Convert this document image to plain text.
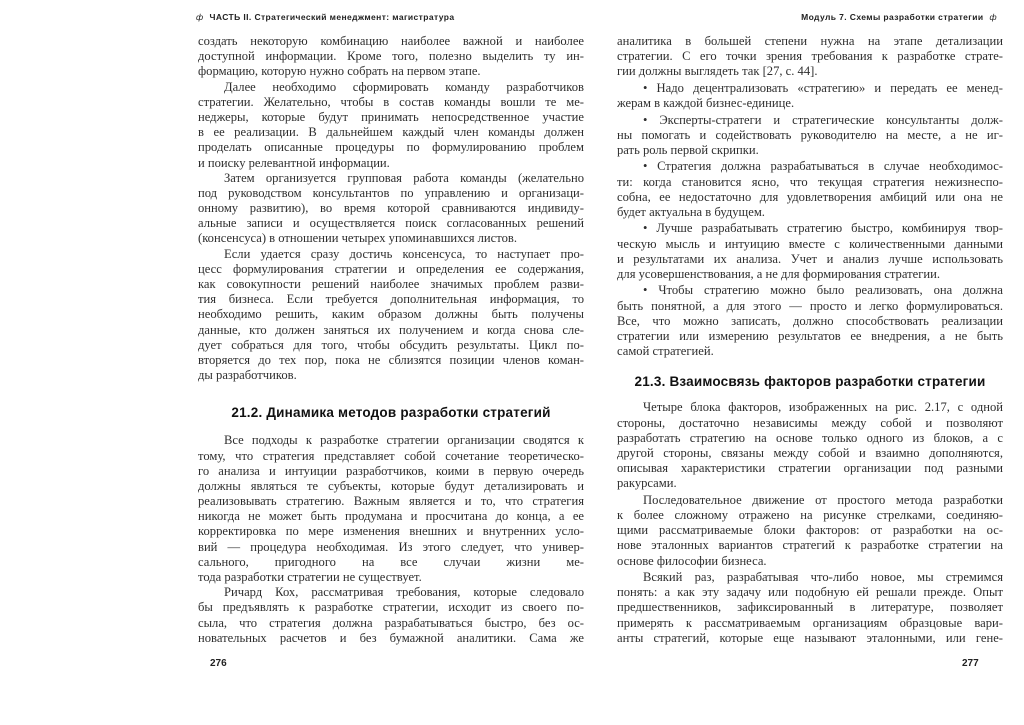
ф ЧАСТЬ II. Стратегический менеджмент: магистратура
создать некоторую комбинацию наиболее важной и наиболее
доступной информации. Кроме того, полезно выделить ту ин-
формацию, которую нужно собрать на первом этапе.
Далее необходимо сформировать команду разработчиков
стратегии. Желательно, чтобы в состав команды вошли те ме-
неджеры, которые будут принимать непосредственное участие
в ее реализации. В дальнейшем каждый член команды должен
проделать описанные процедуры по формулированию проблем
и поиску релевантной информации.
Затем организуется групповая работа команды (желательно
под руководством консультантов по управлению и организаци-
онному развитию), во время которой сравниваются индивиду-
альные записи и осуществляется поиск согласованных решений
(консенсуса) в отношении четырех упоминавшихся листов.
Если удается сразу достичь консенсуса, то наступает про-
цесс формулирования стратегии и определения ее содержания,
как совокупности решений наиболее значимых проблем разви-
тия бизнеса. Если требуется дополнительная информация, то
необходимо решить, каким образом должны быть получены
данные, кто должен заняться их получением и когда снова сле-
дует собраться для того, чтобы обсудить результаты. Цикл по-
вторяется до тех пор, пока не сблизятся позиции членов коман-
ды разработчиков.
21.2. Динамика методов разработки стратегий
Все подходы к разработке стратегии организации сводятся к
тому, что стратегия представляет собой сочетание теоретическо-
го анализа и интуиции разработчиков, коими в первую очередь
должны являться те субъекты, которые будут детализировать и
реализовывать стратегию. Важным является и то, что стратегия
никогда не может быть продумана и просчитана до конца, а ее
корректировка по мере изменения внешних и внутренних усло-
вий — процедура необходимая. Из этого следует, что универ-
сального, пригодного на все случаи жизни ме-
тода разработки стратегии не существует.
Ричард Кох, рассматривая требования, которые следовало
бы предъявлять к разработке стратегии, исходит из своего по-
сыла, что стратегия должна разрабатываться быстро, без ос-
новательных расчетов и без бумажной аналитики. Сама же
276
Модуль 7. Схемы разработки стратегии ф
аналитика в большей степени нужна на этапе детализации
стратегии. С его точки зрения требования к разработке страте-
гии должны выглядеть так [27, с. 44].
• Надо децентрализовать «стратегию» и передать ее менед-
жерам в каждой бизнес-единице.
• Эксперты-стратеги и стратегические консультанты долж-
ны помогать и содействовать руководителю на месте, а не иг-
рать роль первой скрипки.
• Стратегия должна разрабатываться в случае необходимос-
ти: когда становится ясно, что текущая стратегия нежизнеспо-
собна, ее недостаточно для удовлетворения амбиций или она не
будет актуальна в будущем.
• Лучше разрабатывать стратегию быстро, комбинируя твор-
ческую мысль и интуицию вместе с количественными данными
и результатами их анализа. Учет и анализ лучше использовать
для усовершенствования, а не для формирования стратегии.
• Чтобы стратегию можно было реализовать, она должна
быть понятной, а для этого — просто и легко формулироваться.
Все, что можно записать, должно способствовать реализации
стратегии или измерению результатов ее внедрения, а не быть
самой стратегией.
21.3. Взаимосвязь факторов разработки стратегии
Четыре блока факторов, изображенных на рис. 2.17, с одной
стороны, достаточно независимы между собой и позволяют
разработать стратегию на основе только одного из блоков, а с
другой стороны, связаны между собой и взаимно дополняются,
описывая характеристики стратегии организации под разными
ракурсами.
Последовательное движение от простого метода разработки
к более сложному отражено на рисунке стрелками, соединяю-
щими рассматриваемые блоки факторов: от разработки на ос-
нове эталонных вариантов стратегий к разработке стратегии на
основе философии бизнеса.
Всякий раз, разрабатывая что-либо новое, мы стремимся
понять: а как эту задачу или подобную ей решали прежде. Опыт
предшественников, зафиксированный в литературе, позволяет
примерять к рассматриваемым организациям образцовые вари-
анты стратегий, которые еще называют эталонными, или гене-
277
